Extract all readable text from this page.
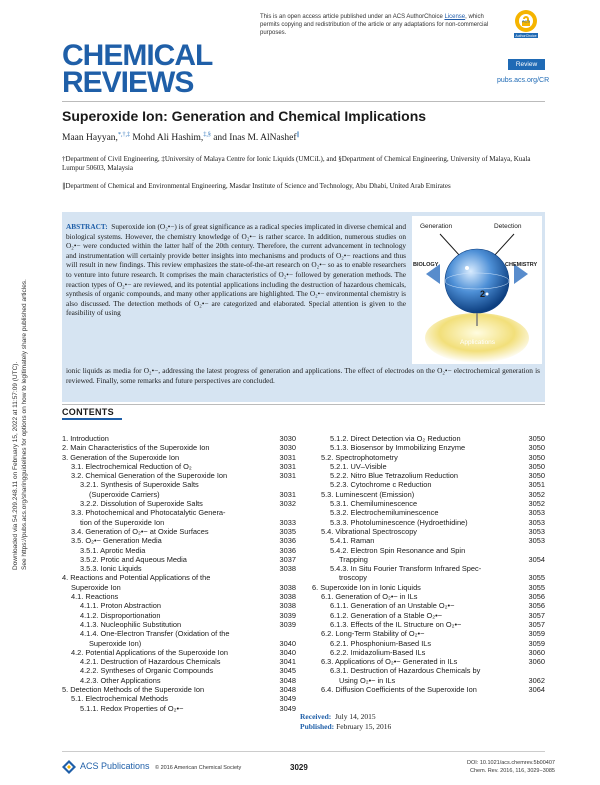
Downloaded via 54.209.248.11 on February 15, 2022 at 11:57:09 (UTC). See https://pubs.acs.org/sharingguidelines for options on how to legitimately share published articles.
This is an open access article published under an ACS AuthorChoice License, which permits copying and redistribution of the article or any adaptations for non-commercial purposes.	AuthorChoice
ACS
CHEMICAL
REVIEWS
Review
pubs.acs.org/CR
Superoxide Ion: Generation and Chemical Implications
Maan Hayyan,*,†,‡ Mohd Ali Hashim,‡,§ and Inas M. AlNashef∥
†Department of Civil Engineering, ‡University of Malaya Centre for Ionic Liquids (UMCiL), and §Department of Chemical Engineering, University of Malaya, Kuala Lumpur 50603, Malaysia
∥Department of Chemical and Environmental Engineering, Masdar Institute of Science and Technology, Abu Dhabi, United Arab Emirates
ABSTRACT: Superoxide ion (O₂•−) is of great significance as a radical species implicated in diverse chemical and biological systems. However, the chemistry knowledge of O₂•− is rather scarce. In addition, numerous studies on O₂•− were conducted within the latter half of the 20th century. Therefore, the current advancement in technology and instrumentation will certainly provide better insights into mechanisms and products of O₂•− reactions and thus will result in new findings. This review emphasizes the state-of-the-art research on O₂•− so as to enable researchers to venture into future research. It comprises the main characteristics of O₂•− followed by generation methods. The reaction types of O₂•− are reviewed, and its potential applications including the destruction of hazardous chemicals, synthesis of organic compounds, and many other applications are highlighted. The O₂•− environmental chemistry is also discussed. The detection methods of O₂•− are categorized and elaborated. Special attention is given to the feasibility of using
ionic liquids as media for O₂•−, addressing the latest progress of generation and applications. The effect of electrodes on the O₂•− electrochemical generation is reviewed. Finally, some remarks and future perspectives are concluded.
Generation	Detection
BIOLOGY	CHEMISTRY
2
Applications
CONTENTS
1. Introduction	3030
2. Main Characteristics of the Superoxide Ion	3030
3. Generation of the Superoxide Ion	3031
3.1. Electrochemical Reduction of O₂	3031
3.2. Chemical Generation of the Superoxide Ion	3031
3.2.1. Synthesis of Superoxide Salts
(Superoxide Carriers)	3031
3.2.2. Dissolution of Superoxide Salts	3032
3.3. Photochemical and Photocatalytic Genera-
tion of the Superoxide Ion	3033
3.4. Generation of O₂•− at Oxide Surfaces	3035
3.5. O₂•− Generation Media	3036
3.5.1. Aprotic Media	3036
3.5.2. Protic and Aqueous Media	3037
3.5.3. Ionic Liquids	3038
4. Reactions and Potential Applications of the
Superoxide Ion	3038
4.1. Reactions	3038
4.1.1. Proton Abstraction	3038
4.1.2. Disproportionation	3039
4.1.3. Nucleophilic Substitution	3039
4.1.4. One-Electron Transfer (Oxidation of the
Superoxide Ion)	3040
4.2. Potential Applications of the Superoxide Ion	3040
4.2.1. Destruction of Hazardous Chemicals	3041
4.2.2. Syntheses of Organic Compounds	3045
4.2.3. Other Applications	3048
5. Detection Methods of the Superoxide Ion	3048
5.1. Electrochemical Methods	3049
5.1.1. Redox Properties of O₂•−	3049
5.1.2. Direct Detection via O₂ Reduction	3050
5.1.3. Biosensor by Immobilizing Enzyme	3050
5.2. Spectrophotometry	3050
5.2.1. UV–Visible	3050
5.2.2. Nitro Blue Tetrazolium Reduction	3050
5.2.3. Cytochrome c Reduction	3051
5.3. Luminescent (Emission)	3052
5.3.1. Chemiluminescence	3052
5.3.2. Electrochemiluminescence	3053
5.3.3. Photoluminescence (Hydroethidine)	3053
5.4. Vibrational Spectroscopy	3053
5.4.1. Raman	3053
5.4.2. Electron Spin Resonance and Spin
Trapping	3054
5.4.3. In Situ Fourier Transform Infrared Spec-
troscopy	3055
6. Superoxide Ion in Ionic Liquids	3055
6.1. Generation of O₂•− in ILs	3056
6.1.1. Generation of an Unstable O₂•−	3056
6.1.2. Generation of a Stable O₂•−	3057
6.1.3. Effects of the IL Structure on O₂•−	3057
6.2. Long-Term Stability of O₂•−	3059
6.2.1. Phosphonium-Based ILs	3059
6.2.2. Imidazolium-Based ILs	3060
6.3. Applications of O₂•− Generated in ILs	3060
6.3.1. Destruction of Hazardous Chemicals by
Using O₂•− in ILs	3062
6.4. Diffusion Coefficients of the Superoxide Ion	3064
Received: July 14, 2015
Published: February 15, 2016
ACS Publications © 2016 American Chemical Society	3029	DOI: 10.1021/acs.chemrev.5b00407
Chem. Rev. 2016, 116, 3029−3085
